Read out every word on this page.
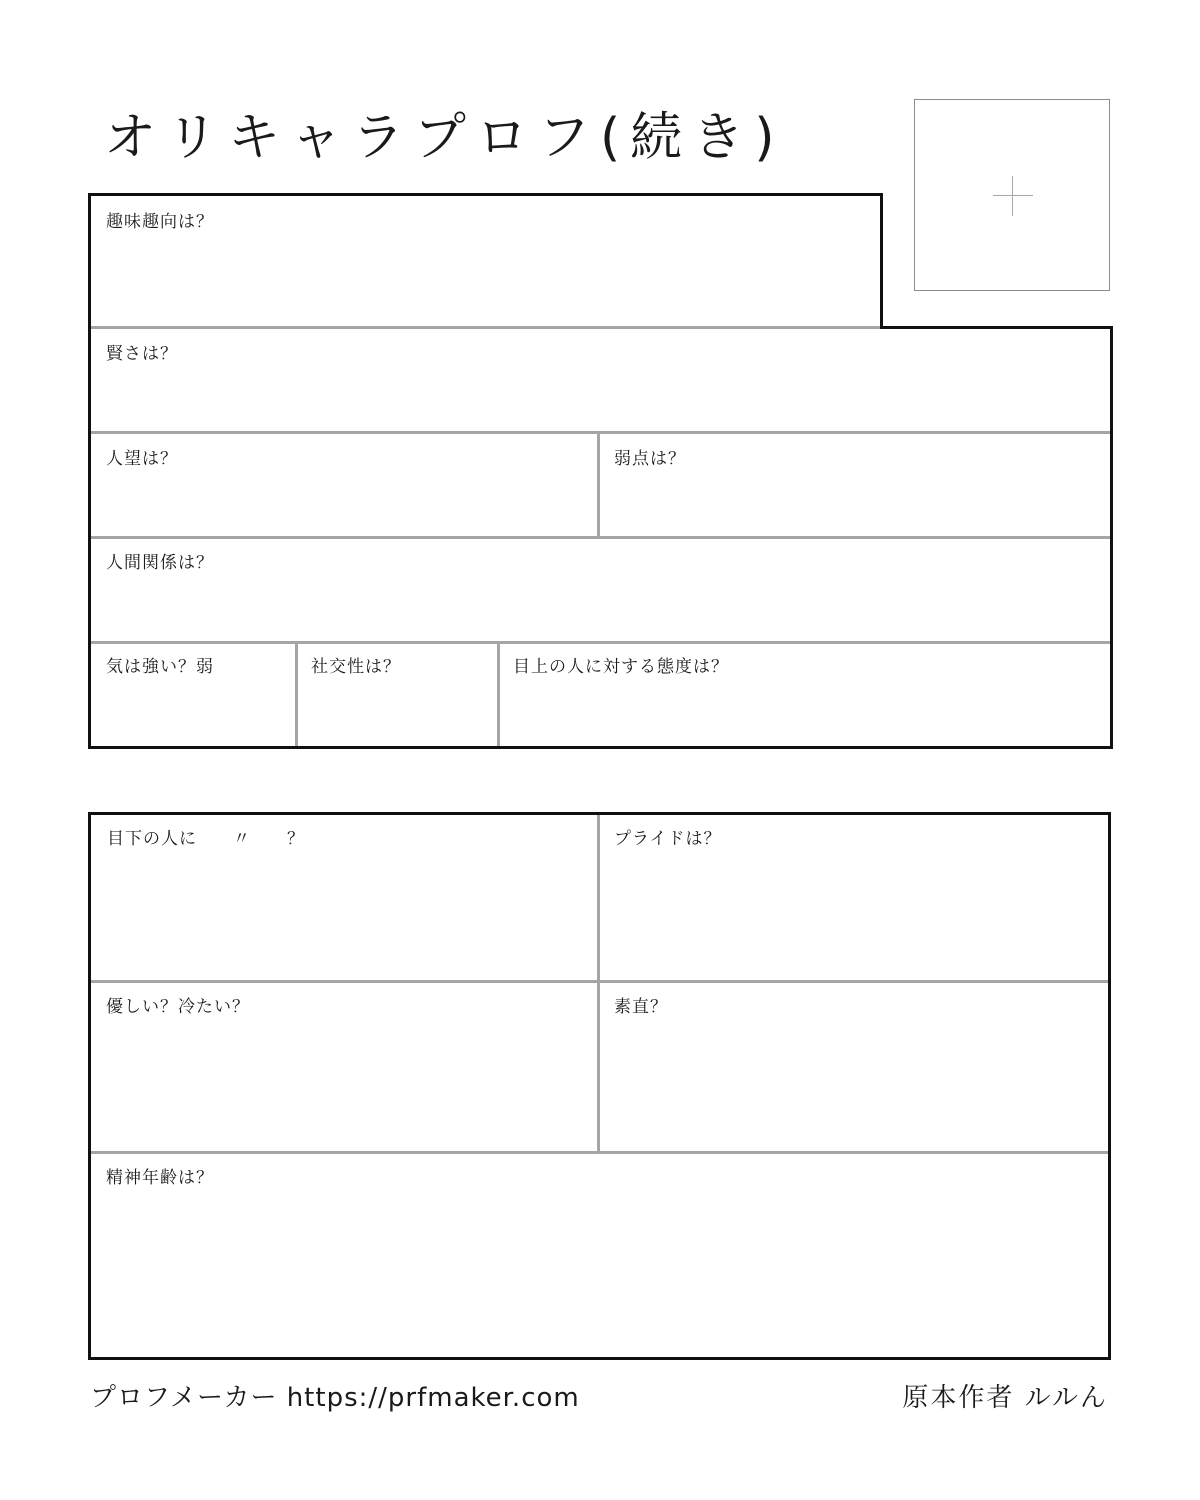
オリキャラプロフ(続き)
趣味趣向は？
賢さは？
人望は？	弱点は？
人間関係は？
気は強い？弱	社交性は？	目上の人に対する態度は？
目下の人に　　〃　　？	プライドは？
優しい？冷たい？	素直？
精神年齢は？
プロフメーカー https://prfmaker.com	原本作者 ルルん
